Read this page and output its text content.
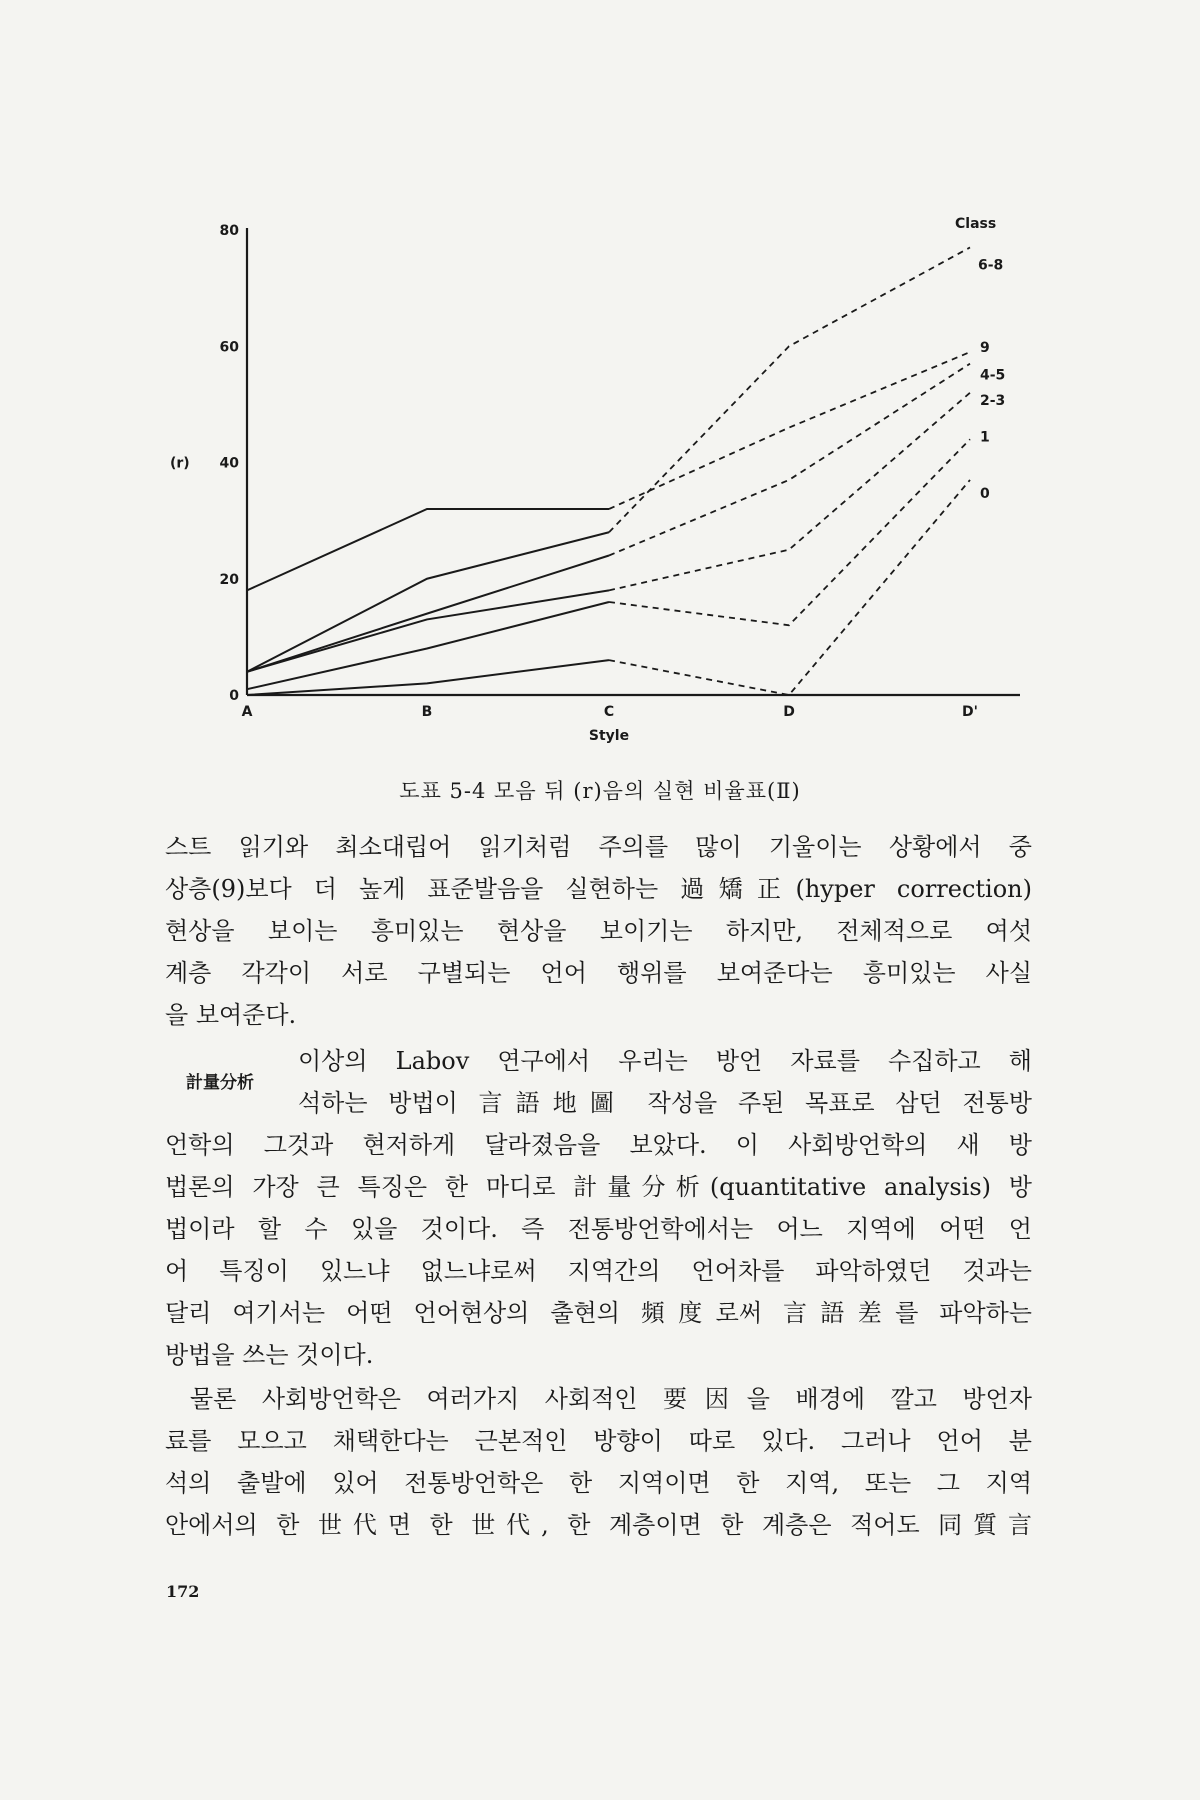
0
20
40
60
80
A	B	C	D	D'
(r)
Style
Class
6-8
9
4-5
2-3
1
0
도표 5-4 모음 뒤 (r)음의 실현 비율표(Ⅱ)
스트 읽기와 최소대립어 읽기처럼 주의를 많이 기울이는 상황에서 중
상층(9)보다 더 높게 표준발음을 실현하는 過矯正(hyper correction)
현상을 보이는 흥미있는 현상을 보이기는 하지만, 전체적으로 여섯
계층 각각이 서로 구별되는 언어 행위를 보여준다는 흥미있는 사실
을 보여준다.
計量分析
이상의 Labov 연구에서 우리는 방언 자료를 수집하고 해
석하는 방법이 言語地圖 작성을 주된 목표로 삼던 전통방
언학의 그것과 현저하게 달라졌음을 보았다. 이 사회방언학의 새 방
법론의 가장 큰 특징은 한 마디로 計量分析(quantitative analysis) 방
법이라 할 수 있을 것이다. 즉 전통방언학에서는 어느 지역에 어떤 언
어 특징이 있느냐 없느냐로써 지역간의 언어차를 파악하였던 것과는
달리 여기서는 어떤 언어현상의 출현의 頻度로써 言語差를 파악하는
방법을 쓰는 것이다.
물론 사회방언학은 여러가지 사회적인 要因을 배경에 깔고 방언자
료를 모으고 채택한다는 근본적인 방향이 따로 있다. 그러나 언어 분
석의 출발에 있어 전통방언학은 한 지역이면 한 지역, 또는 그 지역
안에서의 한 世代면 한 世代, 한 계층이면 한 계층은 적어도 同質言
172
